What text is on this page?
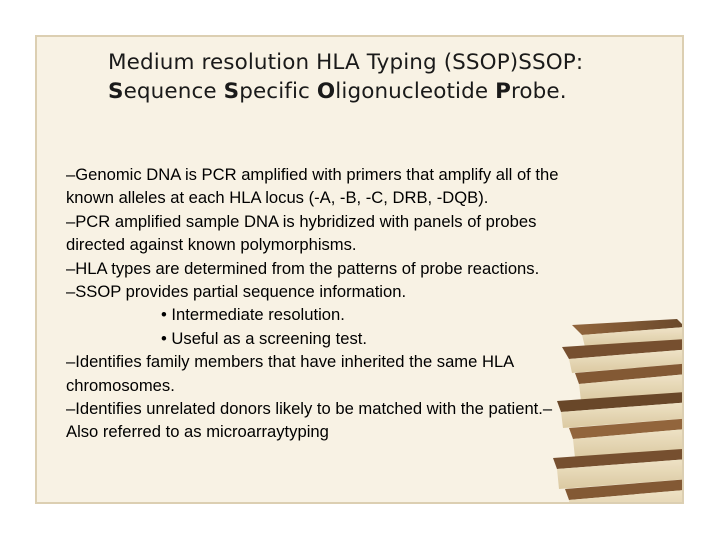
Medium resolution HLA Typing (SSOP)SSOP:
Sequence Specific Oligonucleotide Probe.

–Genomic DNA is PCR amplified with primers that amplify all of the

known alleles at each HLA locus (-A, -B, -C, DRB, -DQB).

–PCR amplified sample DNA is hybridized with panels of probes

directed against known polymorphisms.

–HLA types are determined from the patterns of probe reactions.

–SSOP provides partial sequence information.

• Intermediate resolution.

• Useful as a screening test.

–Identifies family members that have inherited the same HLA

chromosomes.

–Identifies unrelated donors likely to be matched with the patient.–

Also referred to as microarraytyping
